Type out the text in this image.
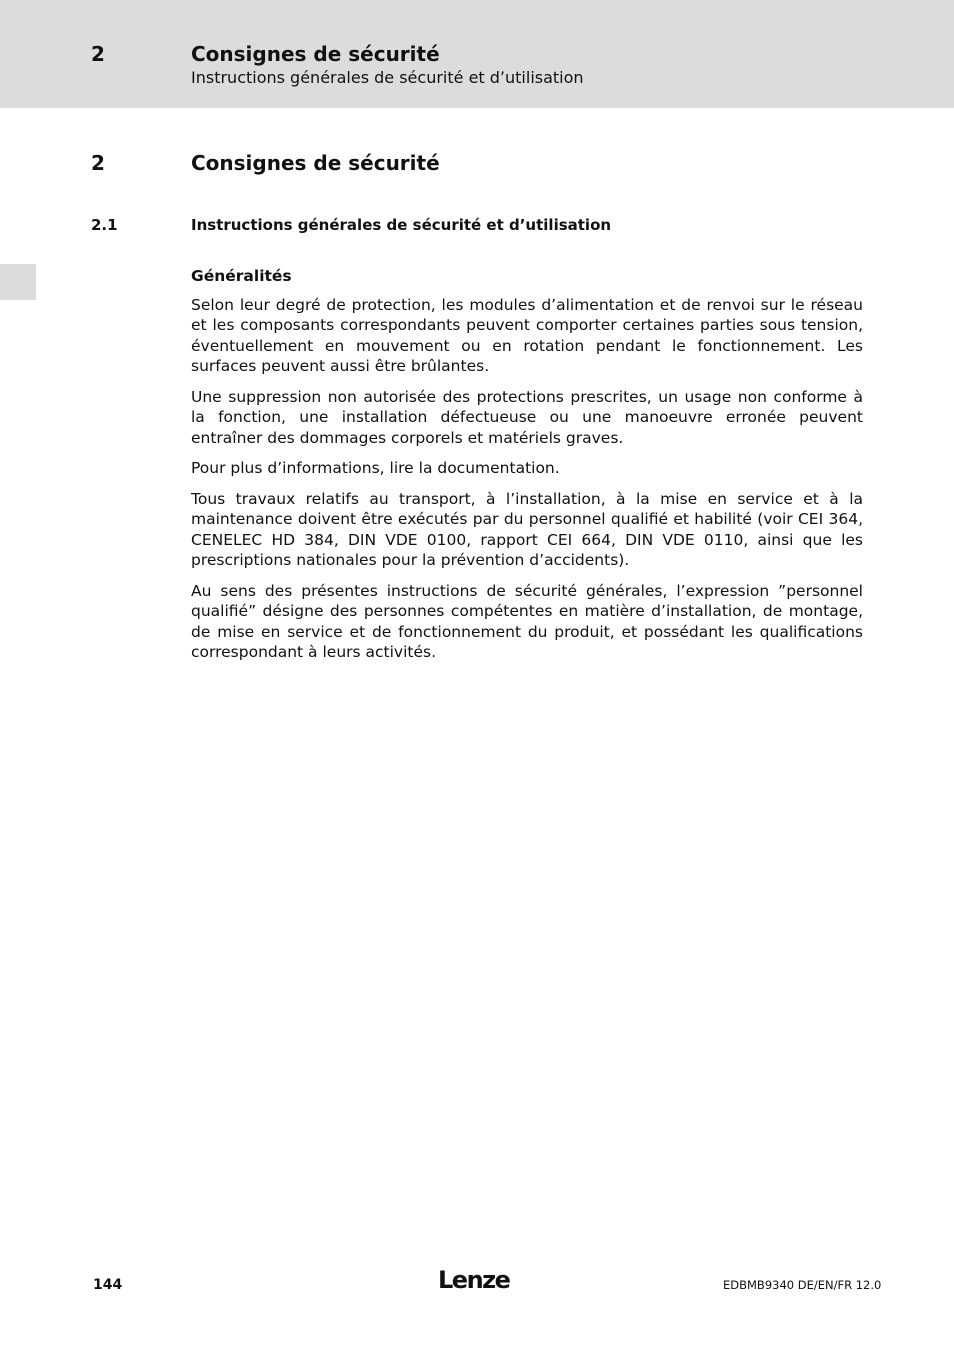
2	Consignes de sécurité
Instructions générales de sécurité et d’utilisation
2	Consignes de sécurité
2.1	Instructions générales de sécurité et d’utilisation
Généralités

Selon leur degré de protection, les modules d’alimentation et de renvoi sur le réseau et les composants correspondants peuvent comporter certaines parties sous tension, éventuellement en mouvement ou en rotation pendant le fonctionnement. Les surfaces peuvent aussi être brûlantes.

Une suppression non autorisée des protections prescrites, un usage non conforme à la fonction, une installation défectueuse ou une manoeuvre erronée peuvent entraîner des dommages corporels et matériels graves.

Pour plus d’informations, lire la documentation.

Tous travaux relatifs au transport, à l’installation, à la mise en service et à la maintenance doivent être exécutés par du personnel qualifié et habilité (voir CEI 364, CENELEC HD 384, DIN VDE 0100, rapport CEI 664, DIN VDE 0110, ainsi que les prescriptions nationales pour la prévention d’accidents).

Au sens des présentes instructions de sécurité générales, l’expression ”personnel qualifié” désigne des personnes compétentes en matière d’installation, de montage, de mise en service et de fonctionnement du produit, et possédant les qualifications correspondant à leurs activités.

144	Lenze	EDBMB9340 DE/EN/FR 12.0
